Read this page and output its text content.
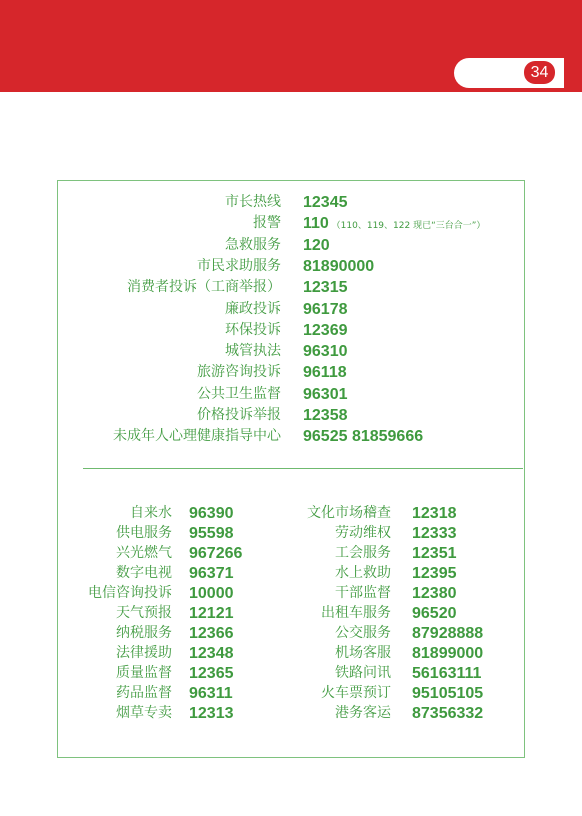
34
市长热线 12345
报警 110 （110、119、122 现已“三台合一”）
急救服务 120
市民求助服务 81890000
消费者投诉（工商举报） 12315
廉政投诉 96178
环保投诉 12369
城管执法 96310
旅游咨询投诉 96118
公共卫生监督 96301
价格投诉举报 12358
未成年人心理健康指导中心 96525 81859666
自来水 96390
供电服务 95598
兴光燃气 967266
数字电视 96371
电信咨询投诉 10000
天气预报 12121
纳税服务 12366
法律援助 12348
质量监督 12365
药品监督 96311
烟草专卖 12313
文化市场稽查 12318
劳动维权 12333
工会服务 12351
水上救助 12395
干部监督 12380
出租车服务 96520
公交服务 87928888
机场客服 81899000
铁路问讯 56163111
火车票预订 95105105
港务客运 87356332
